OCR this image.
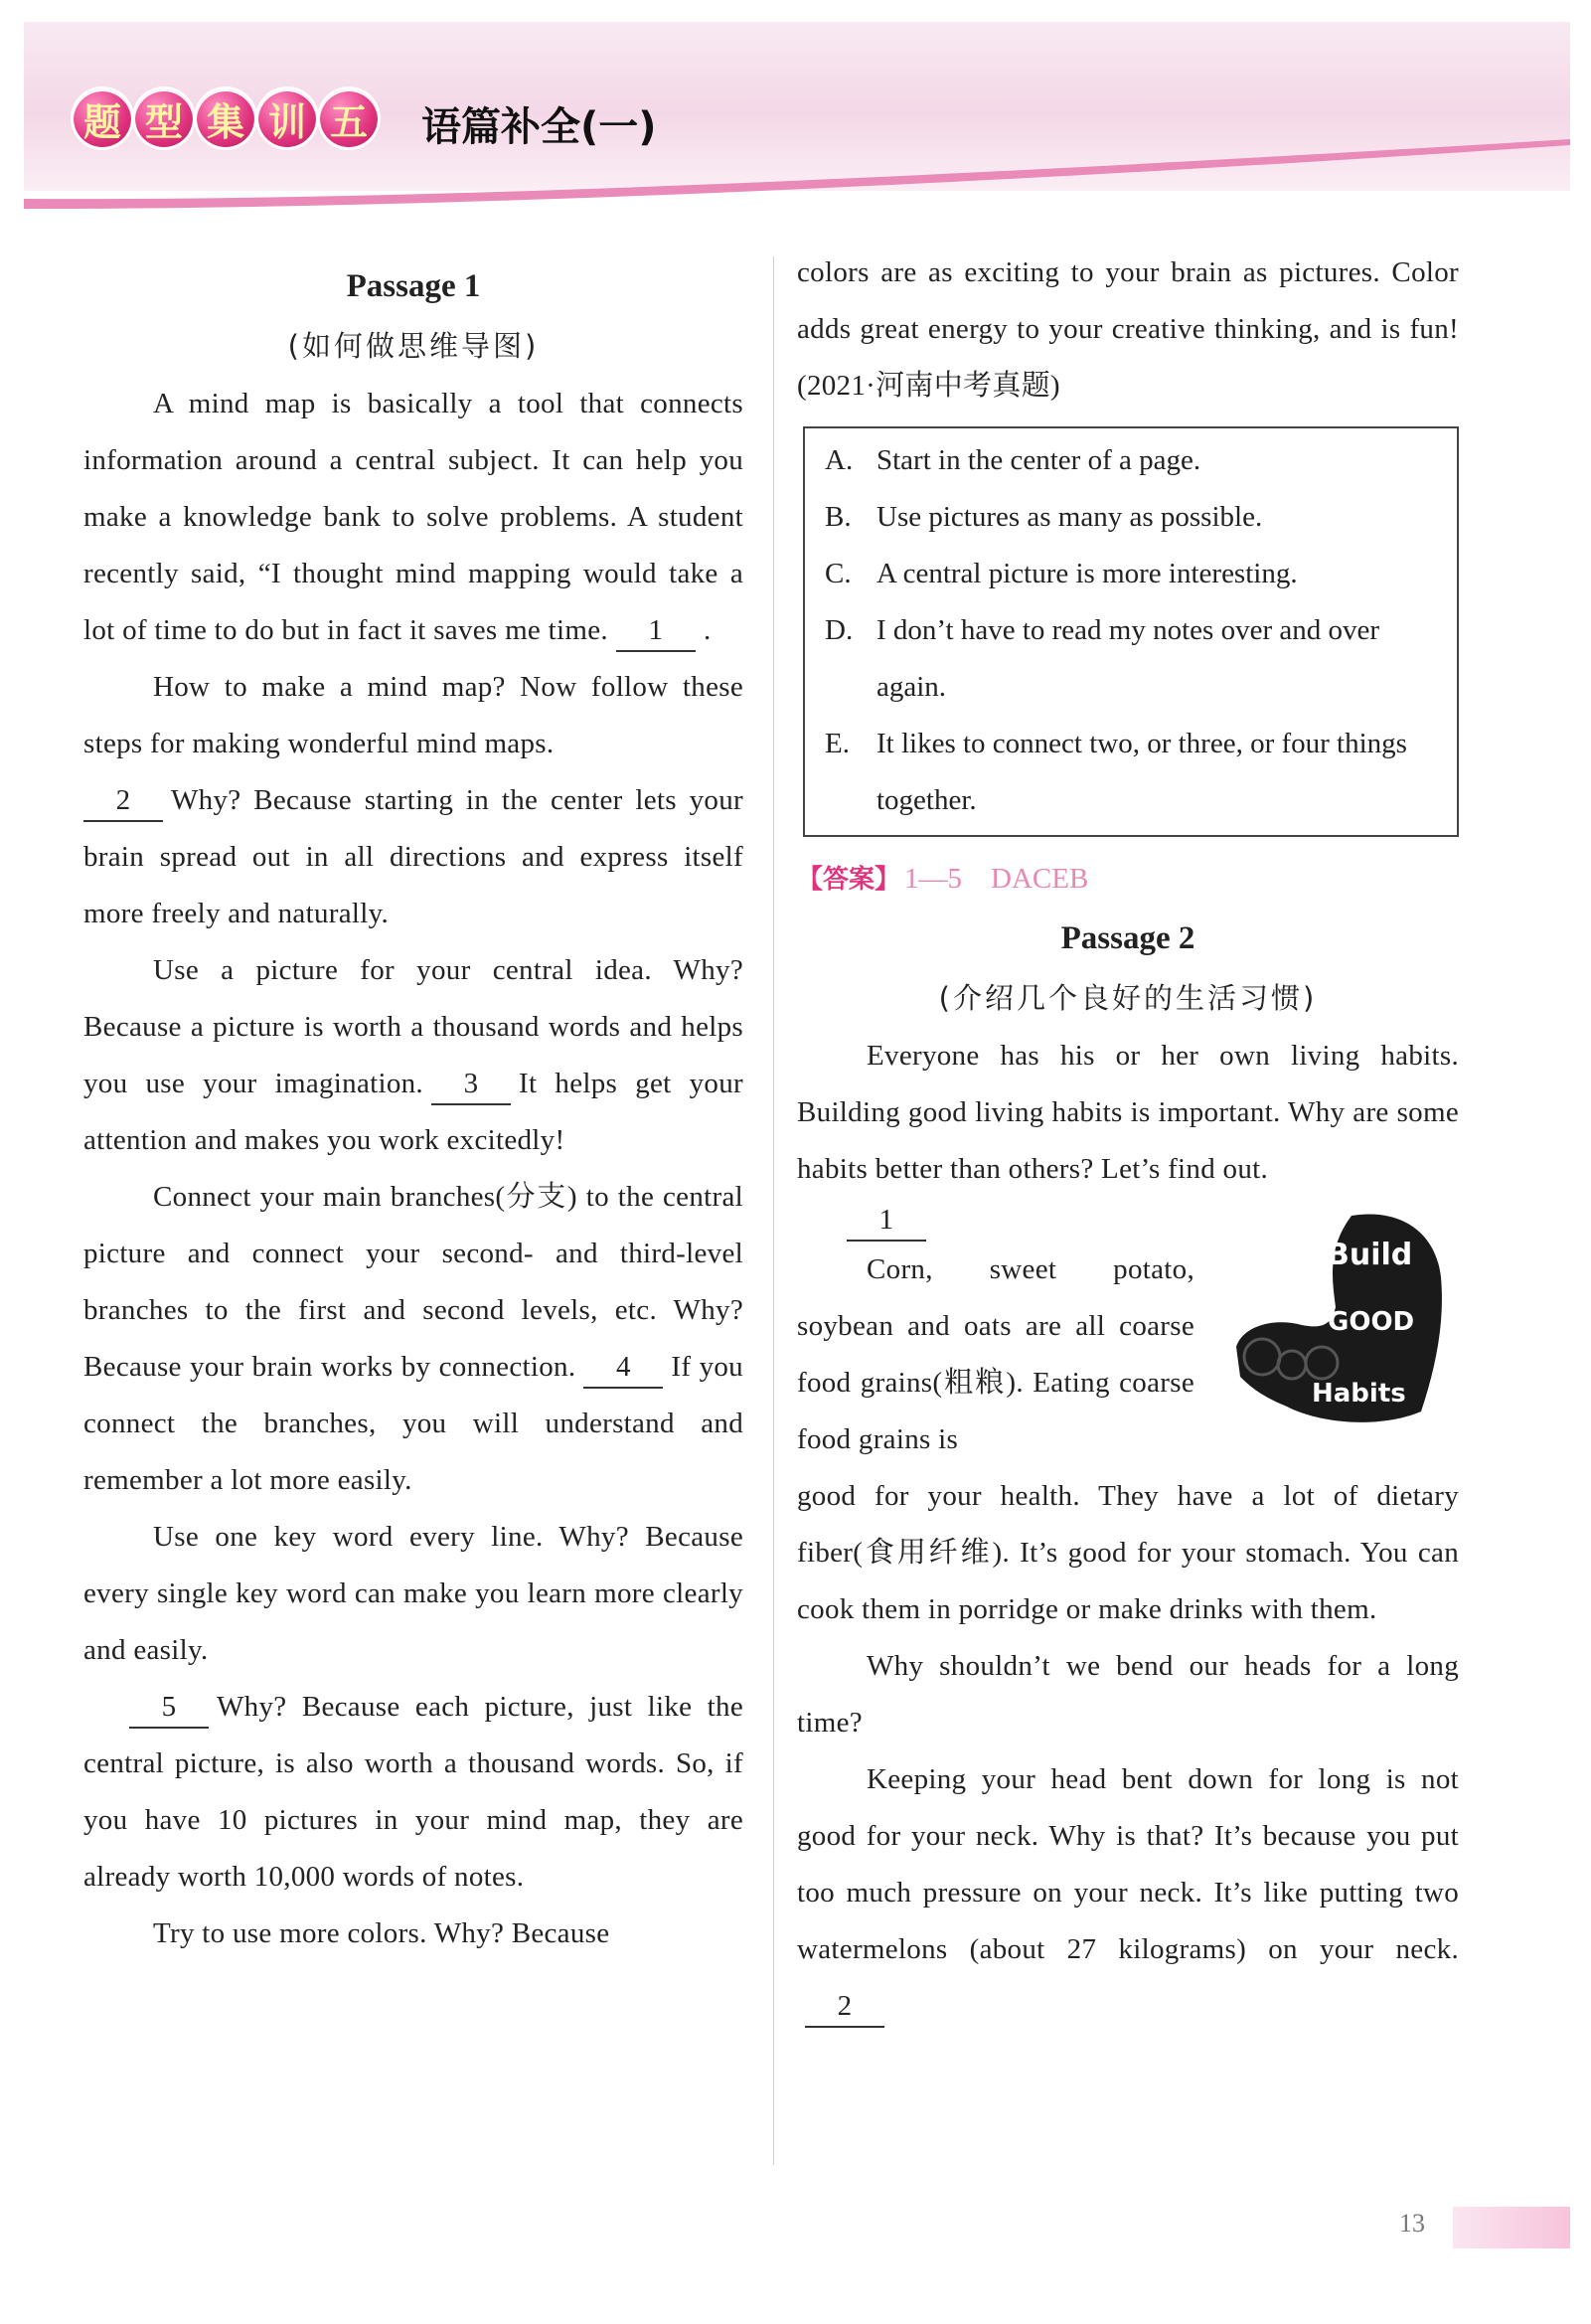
题 型 集 训 五 语篇补全(一)
Passage 1
(如何做思维导图)

A mind map is basically a tool that connects information around a central subject. It can help you make a knowledge bank to solve problems. A student recently said, “I thought mind mapping would take a lot of time to do but in fact it saves me time. 1 .

How to make a mind map? Now follow these steps for making wonderful mind maps.

2 Why? Because starting in the center lets your brain spread out in all directions and express itself more freely and naturally.

Use a picture for your central idea. Why? Because a picture is worth a thousand words and helps you use your imagination. 3 It helps get your attention and makes you work excitedly!

Connect your main branches(分支) to the central picture and connect your second- and third-level branches to the first and second levels, etc. Why? Because your brain works by connection. 4 If you connect the branches, you will understand and remember a lot more easily.

Use one key word every line. Why? Because every single key word can make you learn more clearly and easily.

5 Why? Because each picture, just like the central picture, is also worth a thousand words. So, if you have 10 pictures in your mind map, they are already worth 10,000 words of notes.

Try to use more colors. Why? Because

colors are as exciting to your brain as pictures. Color adds great energy to your creative thinking, and is fun! (2021·河南中考真题)

A. Start in the center of a page.
B. Use pictures as many as possible.
C. A central picture is more interesting.
D. I don’t have to read my notes over and over again.
E. It likes to connect two, or three, or four things together.
【答案】 1—5　DACEB
Passage 2
(介绍几个良好的生活习惯)

Everyone has his or her own living habits. Building good living habits is important. Why are some habits better than others? Let’s find out.

1

Corn, sweet potato, soybean and oats are all coarse food grains(粗粮). Eating coarse food grains is

Build
GOOD
Habits

good for your health. They have a lot of dietary fiber(食用纤维). It’s good for your stomach. You can cook them in porridge or make drinks with them.

Why shouldn’t we bend our heads for a long time?

Keeping your head bent down for long is not good for your neck. Why is that? It’s because you put too much pressure on your neck. It’s like putting two watermelons (about 27 kilograms) on your neck.2

13
